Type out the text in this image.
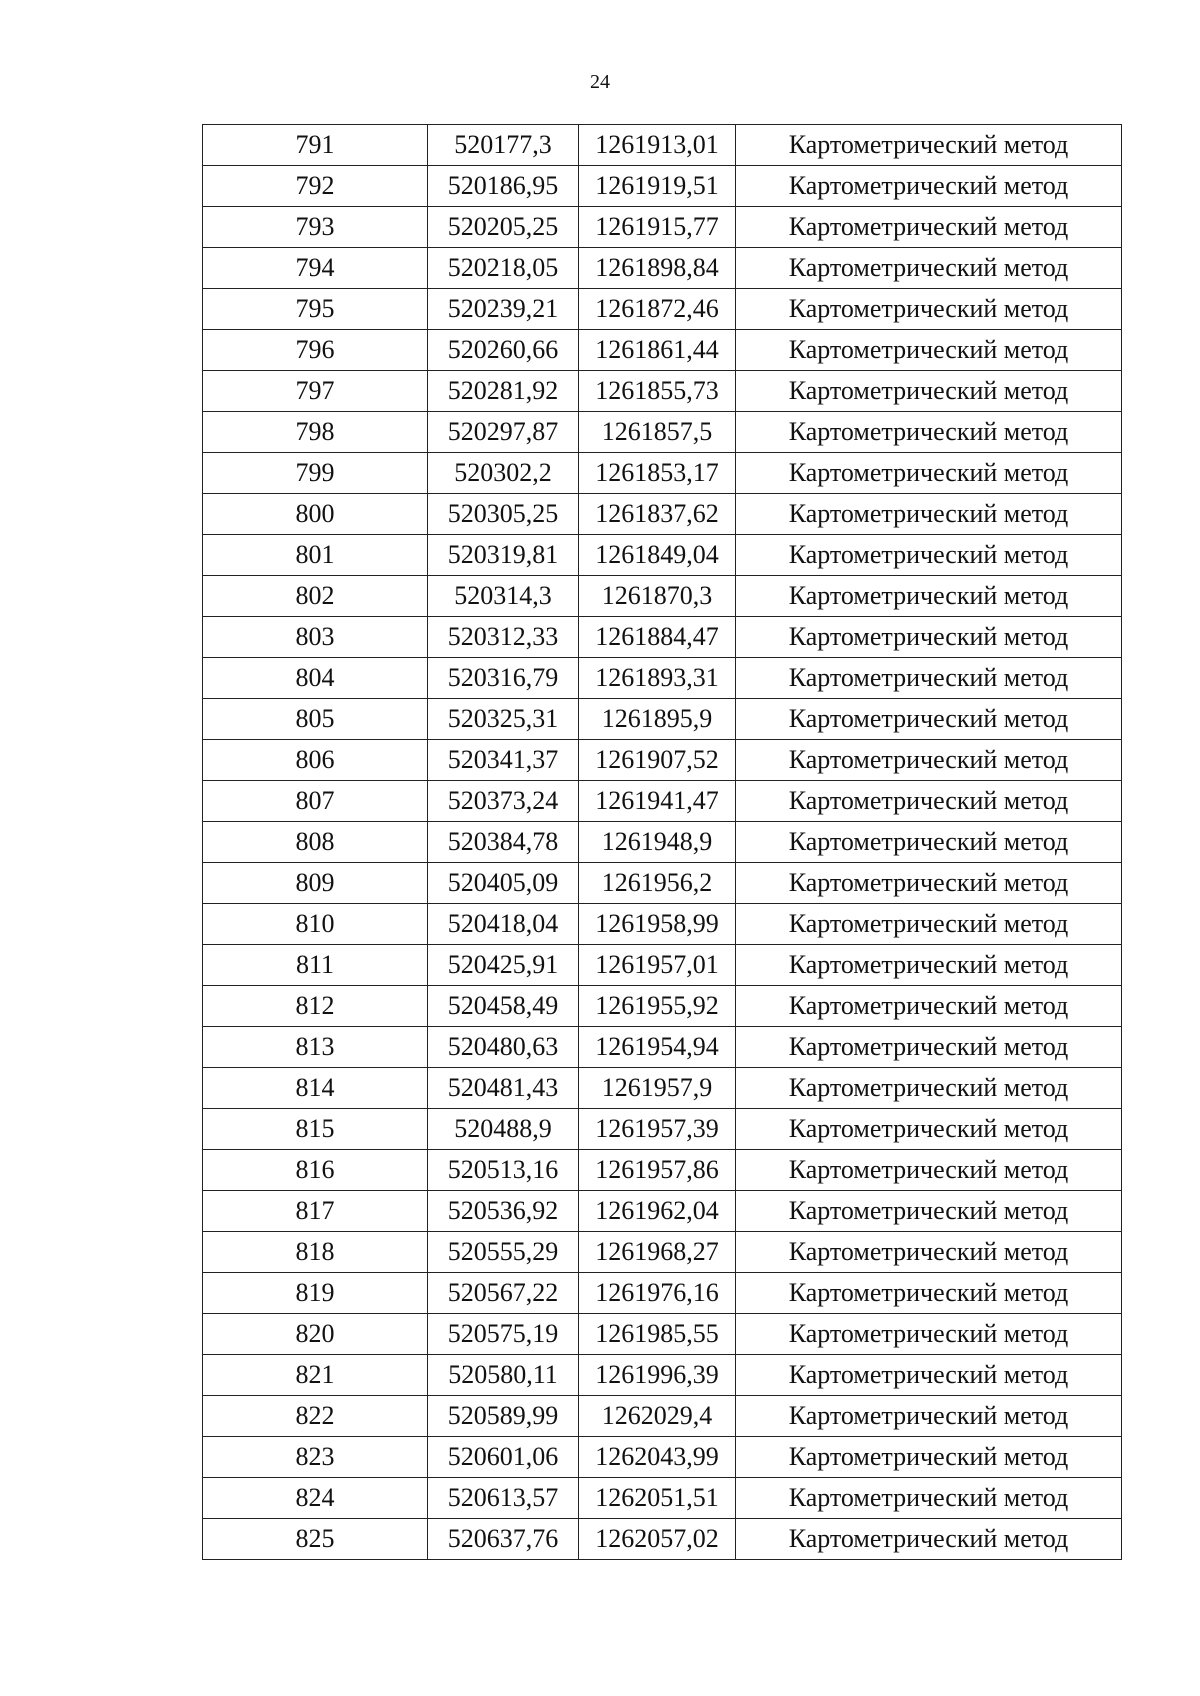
24
791	520177,3	1261913,01	Картометрический метод
792	520186,95	1261919,51	Картометрический метод
793	520205,25	1261915,77	Картометрический метод
794	520218,05	1261898,84	Картометрический метод
795	520239,21	1261872,46	Картометрический метод
796	520260,66	1261861,44	Картометрический метод
797	520281,92	1261855,73	Картометрический метод
798	520297,87	1261857,5	Картометрический метод
799	520302,2	1261853,17	Картометрический метод
800	520305,25	1261837,62	Картометрический метод
801	520319,81	1261849,04	Картометрический метод
802	520314,3	1261870,3	Картометрический метод
803	520312,33	1261884,47	Картометрический метод
804	520316,79	1261893,31	Картометрический метод
805	520325,31	1261895,9	Картометрический метод
806	520341,37	1261907,52	Картометрический метод
807	520373,24	1261941,47	Картометрический метод
808	520384,78	1261948,9	Картометрический метод
809	520405,09	1261956,2	Картометрический метод
810	520418,04	1261958,99	Картометрический метод
811	520425,91	1261957,01	Картометрический метод
812	520458,49	1261955,92	Картометрический метод
813	520480,63	1261954,94	Картометрический метод
814	520481,43	1261957,9	Картометрический метод
815	520488,9	1261957,39	Картометрический метод
816	520513,16	1261957,86	Картометрический метод
817	520536,92	1261962,04	Картометрический метод
818	520555,29	1261968,27	Картометрический метод
819	520567,22	1261976,16	Картометрический метод
820	520575,19	1261985,55	Картометрический метод
821	520580,11	1261996,39	Картометрический метод
822	520589,99	1262029,4	Картометрический метод
823	520601,06	1262043,99	Картометрический метод
824	520613,57	1262051,51	Картометрический метод
825	520637,76	1262057,02	Картометрический метод
